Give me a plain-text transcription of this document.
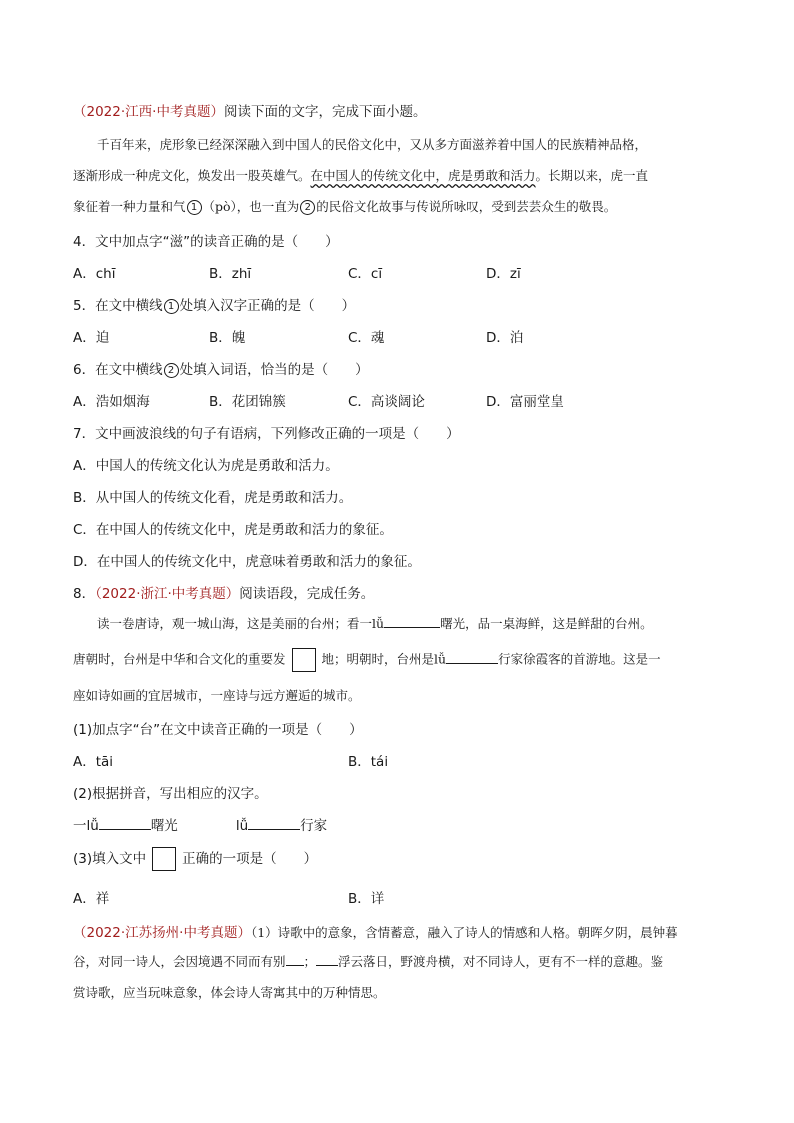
（2022·江西·中考真题）阅读下面的文字，完成下面小题。
千百年来，虎形象已经深深融入到中国人的民俗文化中，又从多方面滋养着中国人的民族精神品格，
逐渐形成一种虎文化，焕发出一股英雄气。在中国人的传统文化中，虎是勇敢和活力。长期以来，虎一直
象征着一种力量和气 1 （pò），也一直为 2 的民俗文化故事与传说所咏叹，受到芸芸众生的敬畏。
4．文中加点字“滋”的读音正确的是（　　）
A．chī	B．zhī	C．cī	D．zī
5．在文中横线 1 处填入汉字正确的是（　　）
A．迫	B．魄	C．魂	D．泊
6．在文中横线 2 处填入词语，恰当的是（　　）
A．浩如烟海	B．花团锦簇	C．高谈阔论	D．富丽堂皇
7．文中画波浪线的句子有语病，下列修改正确的一项是（　　）
A．中国人的传统文化认为虎是勇敢和活力。
B．从中国人的传统文化看，虎是勇敢和活力。
C．在中国人的传统文化中，虎是勇敢和活力的象征。
D．在中国人的传统文化中，虎意味着勇敢和活力的象征。
8．（2022·浙江·中考真题）阅读语段，完成任务。
读一卷唐诗，观一城山海，这是美丽的台州；看一lǚ	曙光，品一桌海鲜，这是鲜甜的台州。
唐朝时，台州是中华和合文化的重要发	地；明朝时，台州是lǚ	行家徐霞客的首游地。这是一
座如诗如画的宜居城市，一座诗与远方邂逅的城市。
(1)加点字“台”在文中读音正确的一项是（　　）
A．tāi	B．tái
(2)根据拼音，写出相应的汉字。
一lǚ	曙光	lǚ	行家
(3)填入文中	正确的一项是（　　）
A．祥	B．详
（2022·江苏扬州·中考真题）（1）诗歌中的意象，含情蓄意，融入了诗人的情感和人格。朝晖夕阴，晨钟暮
谷，对同一诗人，会因境遇不同而有别 ； 浮云落日，野渡舟横，对不同诗人，更有不一样的意趣。鉴
赏诗歌，应当玩味意象，体会诗人寄寓其中的万种情思。
